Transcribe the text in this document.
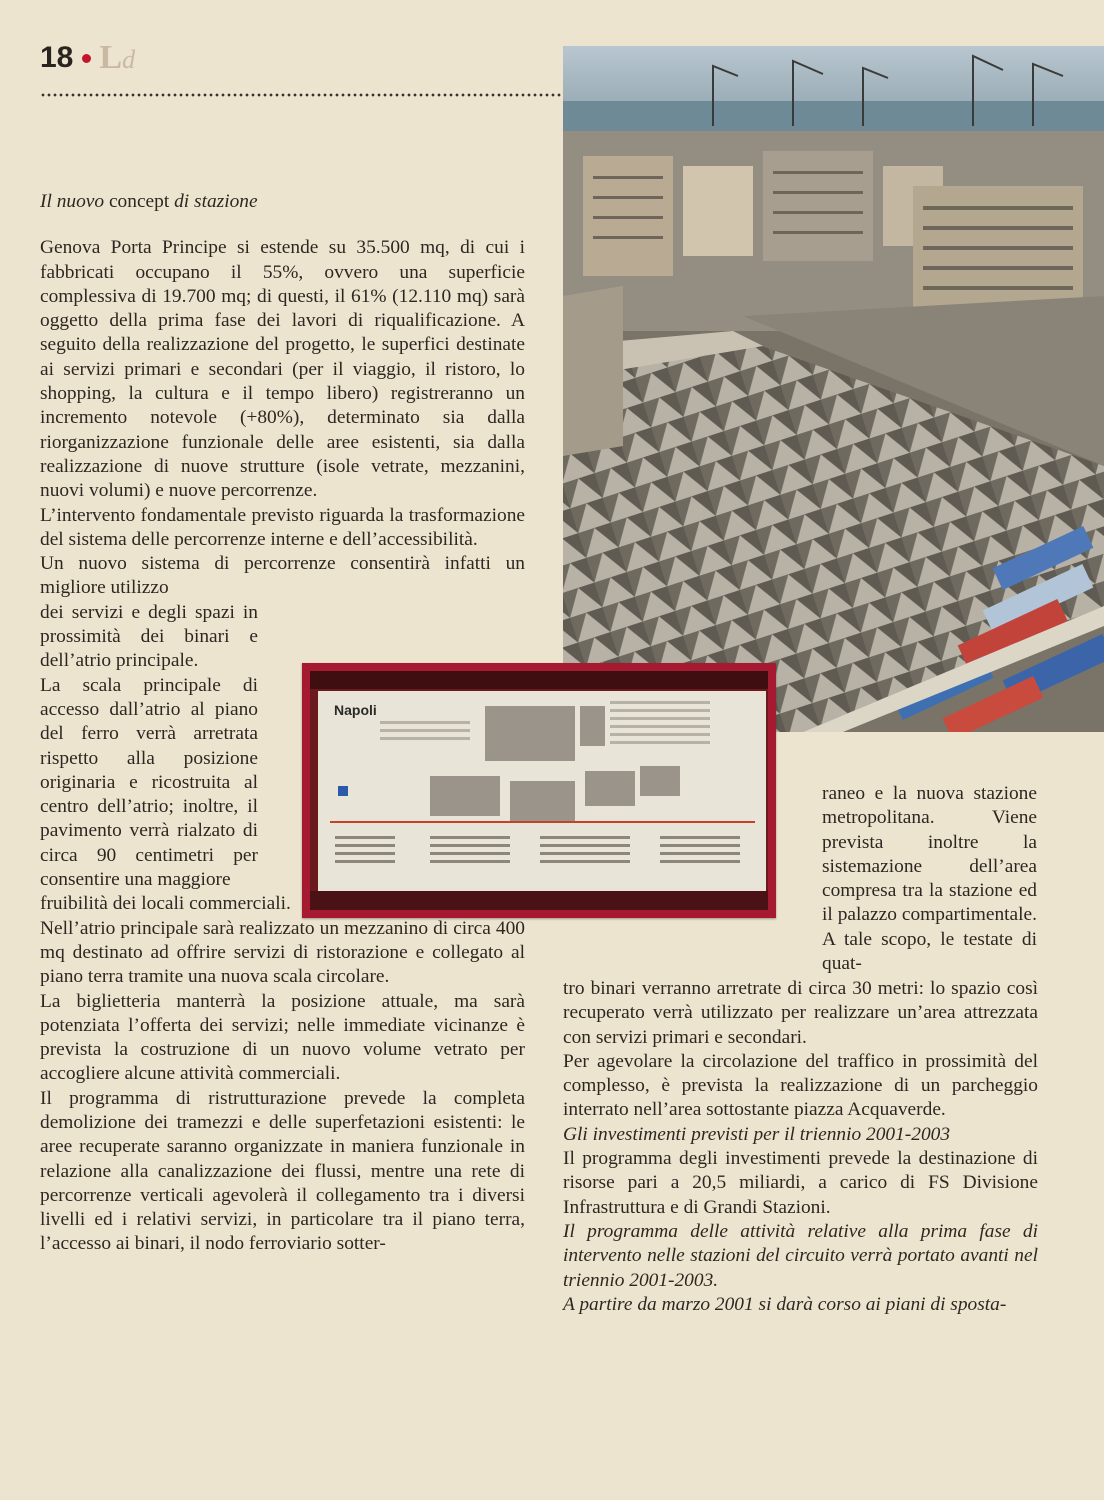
18 Ld
Napoli

Il nuovo concept di stazione

Genova Porta Principe si estende su 35.500 mq, di cui i fabbricati occupano il 55%, ovvero una superficie complessiva di 19.700 mq; di questi, il 61% (12.110 mq) sarà oggetto della prima fase dei lavori di riqualificazione. A seguito della realizzazione del progetto, le superfici destinate ai servizi primari e secondari (per il viaggio, il ristoro, lo shopping, la cultura e il tempo libero) registreranno un incremento notevole (+80%), determinato sia dalla riorganizzazione funzionale delle aree esistenti, sia dalla realizzazione di nuove strutture (isole vetrate, mezzanini, nuovi volumi) e nuove percorrenze.

L’intervento fondamentale previsto riguarda la trasformazione del sistema delle percorrenze interne e dell’accessibilità.

Un nuovo sistema di percorrenze consentirà infatti un migliore utilizzo

dei servizi e degli spazi in prossimità dei binari e dell’atrio principale.

La scala principale di accesso dall’atrio al piano del ferro verrà arretrata rispetto alla posizione originaria e ricostruita al centro dell’atrio; inoltre, il pavimento verrà rialzato di circa 90 centimetri per consentire una maggiore

fruibilità dei locali commerciali.

Nell’atrio principale sarà realizzato un mezzanino di circa 400 mq destinato ad offrire servizi di ristorazione e collegato al piano terra tramite una nuova scala circolare.

La biglietteria manterrà la posizione attuale, ma sarà potenziata l’offerta dei servizi; nelle immediate vicinanze è prevista la costruzione di un nuovo volume vetrato per accogliere alcune attività commerciali.

Il programma di ristrutturazione prevede la completa demolizione dei tramezzi e delle superfetazioni esistenti: le aree recuperate saranno organizzate in maniera funzionale in relazione alla canalizzazione dei flussi, mentre una rete di percorrenze verticali agevolerà il collegamento tra i diversi livelli ed i relativi servizi, in particolare tra il piano terra, l’accesso ai binari, il nodo ferroviario sotter-

raneo e la nuova stazione metropolitana. Viene prevista inoltre la sistemazione dell’area compresa tra la stazione ed il palazzo compartimentale. A tale scopo, le testate di quat-

tro binari verranno arretrate di circa 30 metri: lo spazio così recuperato verrà utilizzato per realizzare un’area attrezzata con servizi primari e secondari.

Per agevolare la circolazione del traffico in prossimità del complesso, è prevista la realizzazione di un parcheggio interrato nell’area sottostante piazza Acquaverde.

Gli investimenti previsti per il triennio 2001-2003

Il programma degli investimenti prevede la destinazione di risorse pari a 20,5 miliardi, a carico di FS Divisione Infrastruttura e di Grandi Stazioni.

Il programma delle attività relative alla prima fase di intervento nelle stazioni del circuito verrà portato avanti nel triennio 2001-2003.

A partire da marzo 2001 si darà corso ai piani di sposta-
